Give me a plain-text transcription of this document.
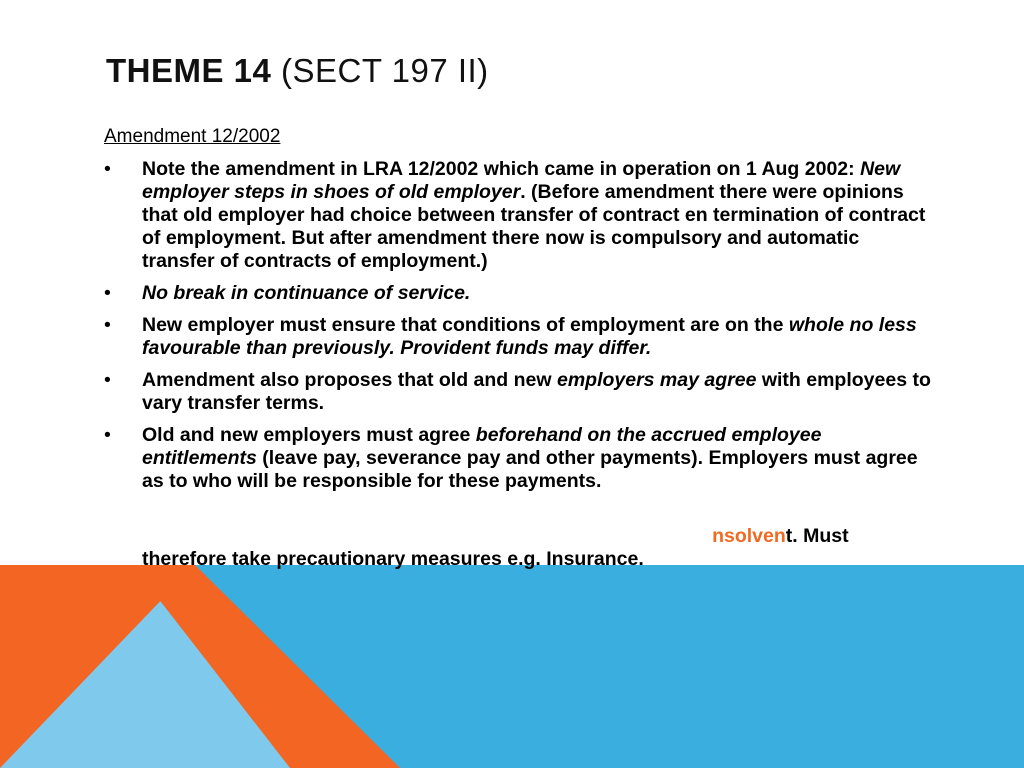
THEME 14 (SECT 197 II)
Amendment 12/2002
• Note the amendment in LRA 12/2002 which came in operation on 1 Aug 2002: New employer steps in shoes of old employer. (Before amendment there were opinions that old employer had choice between transfer of contract en termination of contract of employment. But after amendment there now is compulsory and automatic transfer of contracts of employment.)
• No break in continuance of service.
• New employer must ensure that conditions of employment are on the whole no less favourable than previously. Provident funds may differ.
• Amendment also proposes that old and new employers may agree with employees to vary transfer terms.
• Old and new employers must agree beforehand on the accrued employee entitlements (leave pay, severance pay and other payments). Employers must agree as to who will be responsible for these payments.
• Old employer will be liable for these payments for a period of 12 months after transfer if employees are retrenched or if business becomes insolvent. Must therefore take precautionary measures e.g. Insurance.
